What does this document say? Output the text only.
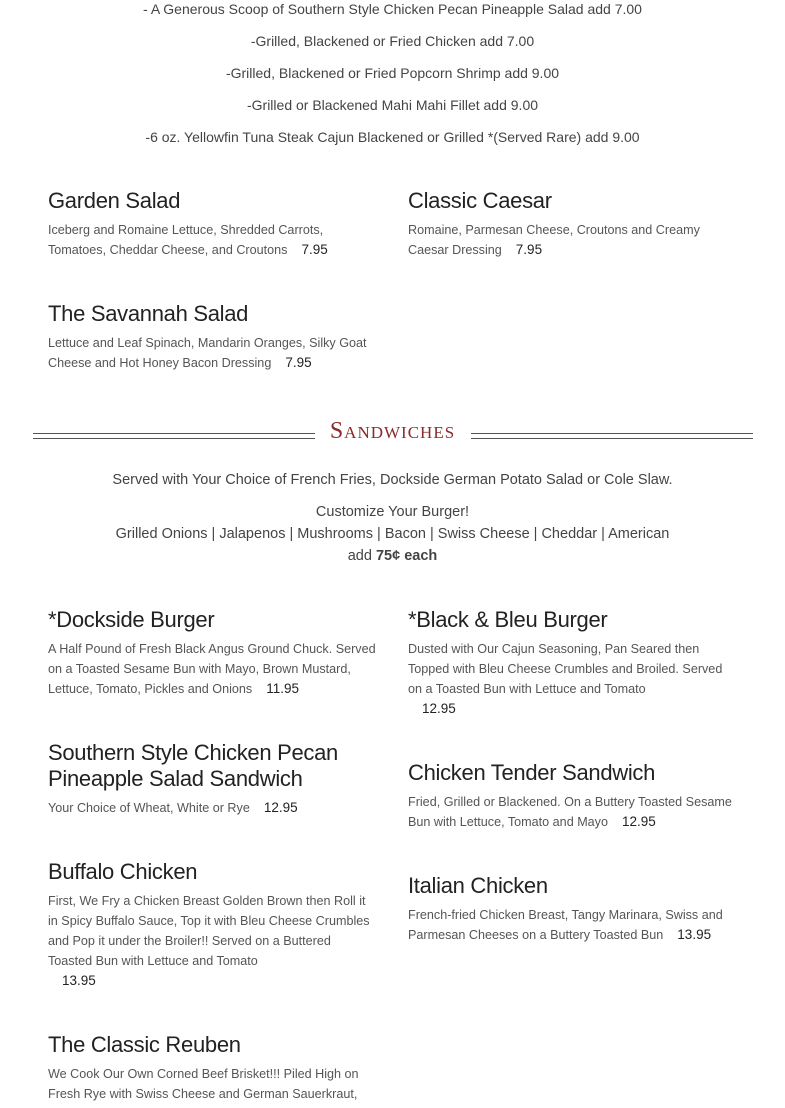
- A Generous Scoop of Southern Style Chicken Pecan Pineapple Salad add 7.00
-Grilled, Blackened or Fried Chicken add 7.00
-Grilled, Blackened or Fried Popcorn Shrimp add 9.00
-Grilled or Blackened Mahi Mahi Fillet add 9.00
-6 oz. Yellowfin Tuna Steak Cajun Blackened or Grilled *(Served Rare) add 9.00
Garden Salad
Iceberg and Romaine Lettuce, Shredded Carrots, Tomatoes, Cheddar Cheese, and Croutons 7.95
Classic Caesar
Romaine, Parmesan Cheese, Croutons and Creamy Caesar Dressing 7.95
The Savannah Salad
Lettuce and Leaf Spinach, Mandarin Oranges, Silky Goat Cheese and Hot Honey Bacon Dressing 7.95
Sandwiches
Served with Your Choice of French Fries, Dockside German Potato Salad or Cole Slaw.
Customize Your Burger!
Grilled Onions | Jalapenos | Mushrooms | Bacon | Swiss Cheese | Cheddar | American
add 75¢ each
*Dockside Burger
A Half Pound of Fresh Black Angus Ground Chuck. Served on a Toasted Sesame Bun with Mayo, Brown Mustard, Lettuce, Tomato, Pickles and Onions 11.95
Southern Style Chicken Pecan Pineapple Salad Sandwich
Your Choice of Wheat, White or Rye 12.95
Buffalo Chicken
First, We Fry a Chicken Breast Golden Brown then Roll it in Spicy Buffalo Sauce, Top it with Bleu Cheese Crumbles and Pop it under the Broiler!! Served on a Buttered Toasted Bun with Lettuce and Tomato
13.95
The Classic Reuben
We Cook Our Own Corned Beef Brisket!!! Piled High on Fresh Rye with Swiss Cheese and German Sauerkraut,
*Black & Bleu Burger
Dusted with Our Cajun Seasoning, Pan Seared then Topped with Bleu Cheese Crumbles and Broiled. Served on a Toasted Bun with Lettuce and Tomato
12.95
Chicken Tender Sandwich
Fried, Grilled or Blackened. On a Buttery Toasted Sesame Bun with Lettuce, Tomato and Mayo 12.95
Italian Chicken
French-fried Chicken Breast, Tangy Marinara, Swiss and Parmesan Cheeses on a Buttery Toasted Bun 13.95
